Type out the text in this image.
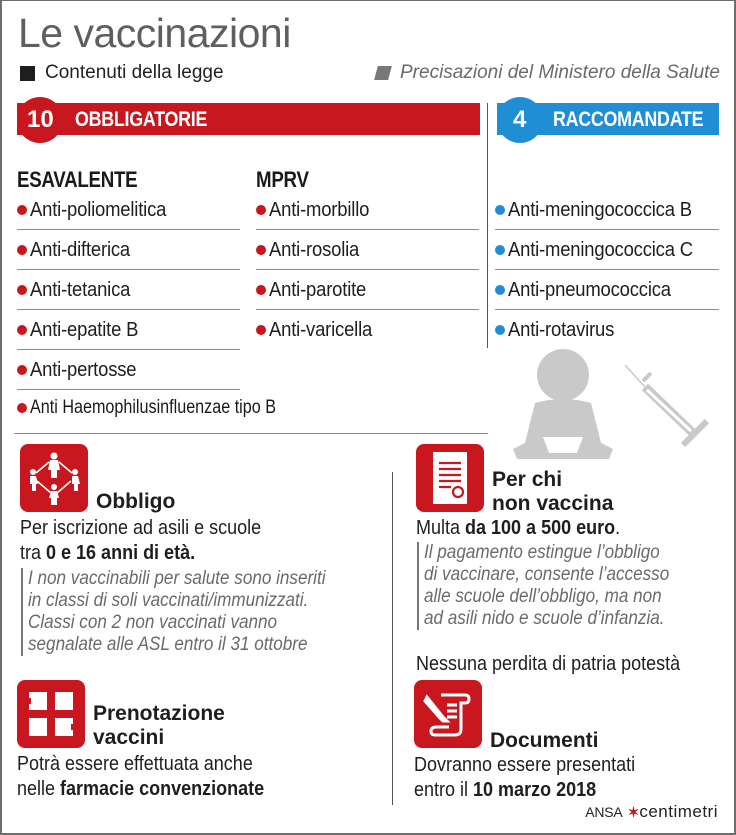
Le vaccinazioni
Contenuti della legge	Precisazioni del Ministero della Salute
10 OBBLIGATORIE	4 RACCOMANDATE
ESAVALENTE
Anti-poliomelitica
Anti-difterica
Anti-tetanica
Anti-epatite B
Anti-pertosse
MPRV
Anti-morbillo
Anti-rosolia
Anti-parotite
Anti-varicella
Anti Haemophilusinfluenzae tipo B
Anti-meningococcica B
Anti-meningococcica C
Anti-pneumococcica
Anti-rotavirus
Obbligo
Per iscrizione ad asili e scuole
tra 0 e 16 anni di età.
I non vaccinabili per salute sono inseriti
in classi di soli vaccinati/immunizzati.
Classi con 2 non vaccinati vanno
segnalate alle ASL entro il 31 ottobre
Per chi
non vaccina
Multa da 100 a 500 euro.
Il pagamento estingue l’obbligo
di vaccinare, consente l’accesso
alle scuole dell’obbligo, ma non
ad asili nido e scuole d’infanzia.
Nessuna perdita di patria potestà
Prenotazione
vaccini
Potrà essere effettuata anche
nelle farmacie convenzionate
Documenti
Dovranno essere presentati
entro il 10 marzo 2018
ANSA ✶ centimetri
